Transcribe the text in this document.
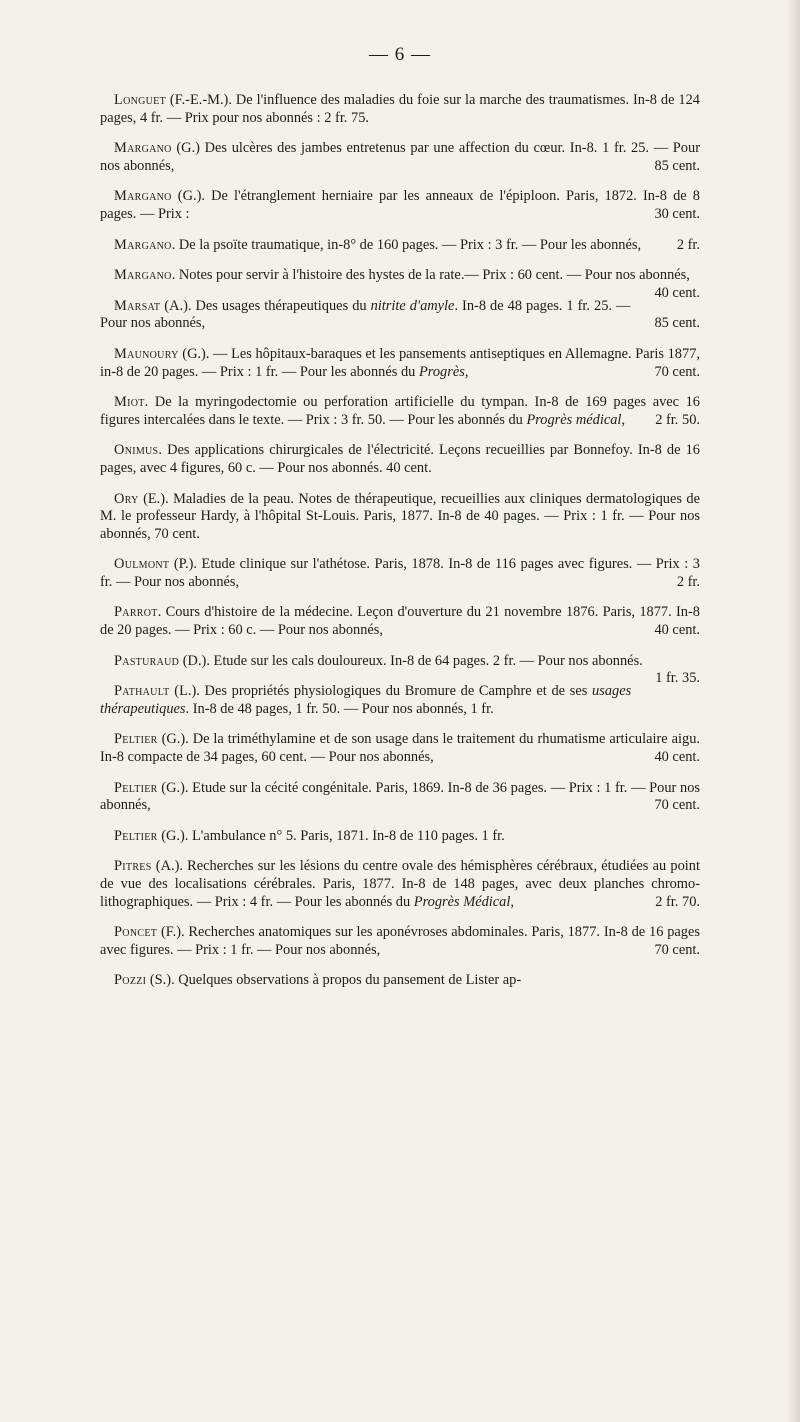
— 6 —

Longuet (F.-E.-M.). De l'influence des maladies du foie sur la marche des traumatismes. In-8 de 124 pages, 4 fr. — Prix pour nos abonnés : 2 fr. 75.

Margano (G.) Des ulcères des jambes entretenus par une affection du cœur. In-8. 1 fr. 25. — Pour nos abonnés,	85 cent.

Margano (G.). De l'étranglement herniaire par les anneaux de l'épiploon. Paris, 1872. In-8 de 8 pages. — Prix :	30 cent.

Margano. De la psoïte traumatique, in-8° de 160 pages. — Prix : 3 fr. — Pour les abonnés,	2 fr.

Margano. Notes pour servir à l'histoire des hystes de la rate.— Prix : 60 cent. — Pour nos abonnés,
40 cent.

Marsat (A.). Des usages thérapeutiques du nitrite d'amyle. In-8 de 48 pages. 1 fr. 25. — Pour nos abonnés,	85 cent.

Maunoury (G.). — Les hôpitaux-baraques et les pansements antiseptiques en Allemagne. Paris 1877, in-8 de 20 pages. — Prix : 1 fr. — Pour les abonnés du Progrès,	70 cent.

Miot. De la myringodectomie ou perforation artificielle du tympan. In-8 de 169 pages avec 16 figures intercalées dans le texte. — Prix : 3 fr. 50. — Pour les abonnés du Progrès médical,	2 fr. 50.

Onimus. Des applications chirurgicales de l'électricité. Leçons recueillies par Bonnefoy. In-8 de 16 pages, avec 4 figures, 60 c. — Pour nos abonnés. 40 cent.

Ory (E.). Maladies de la peau. Notes de thérapeutique, recueillies aux cliniques dermatologiques de M. le professeur Hardy, à l'hôpital St-Louis. Paris, 1877. In-8 de 40 pages. — Prix : 1 fr. — Pour nos abonnés, 70 cent.

Oulmont (P.). Etude clinique sur l'athétose. Paris, 1878. In-8 de 116 pages avec figures. — Prix : 3 fr. — Pour nos abonnés,	2 fr.

Parrot. Cours d'histoire de la médecine. Leçon d'ouverture du 21 novembre 1876. Paris, 1877. In-8 de 20 pages. — Prix : 60 c. — Pour nos abonnés,	40 cent.

Pasturaud (D.). Etude sur les cals douloureux. In-8 de 64 pages. 2 fr. — Pour nos abonnés.
1 fr. 35.

Pathault (L.). Des propriétés physiologiques du Bromure de Camphre et de ses usages thérapeutiques. In-8 de 48 pages, 1 fr. 50. — Pour nos abonnés, 1 fr.

Peltier (G.). De la triméthylamine et de son usage dans le traitement du rhumatisme articulaire aigu. In-8 compacte de 34 pages, 60 cent. — Pour nos abonnés,	40 cent.

Peltier (G.). Etude sur la cécité congénitale. Paris, 1869. In-8 de 36 pages. — Prix : 1 fr. — Pour nos abonnés,	70 cent.

Peltier (G.). L'ambulance n° 5. Paris, 1871. In-8 de 110 pages. 1 fr.

Pitres (A.). Recherches sur les lésions du centre ovale des hémisphères cérébraux, étudiées au point de vue des localisations cérébrales. Paris, 1877. In-8 de 148 pages, avec deux planches chromo-lithographiques. — Prix : 4 fr. — Pour les abonnés du Progrès Médical,	2 fr. 70.

Poncet (F.). Recherches anatomiques sur les aponévroses abdominales. Paris, 1877. In-8 de 16 pages avec figures. — Prix : 1 fr. — Pour nos abonnés,	70 cent.

Pozzi (S.). Quelques observations à propos du pansement de Lister ap-
